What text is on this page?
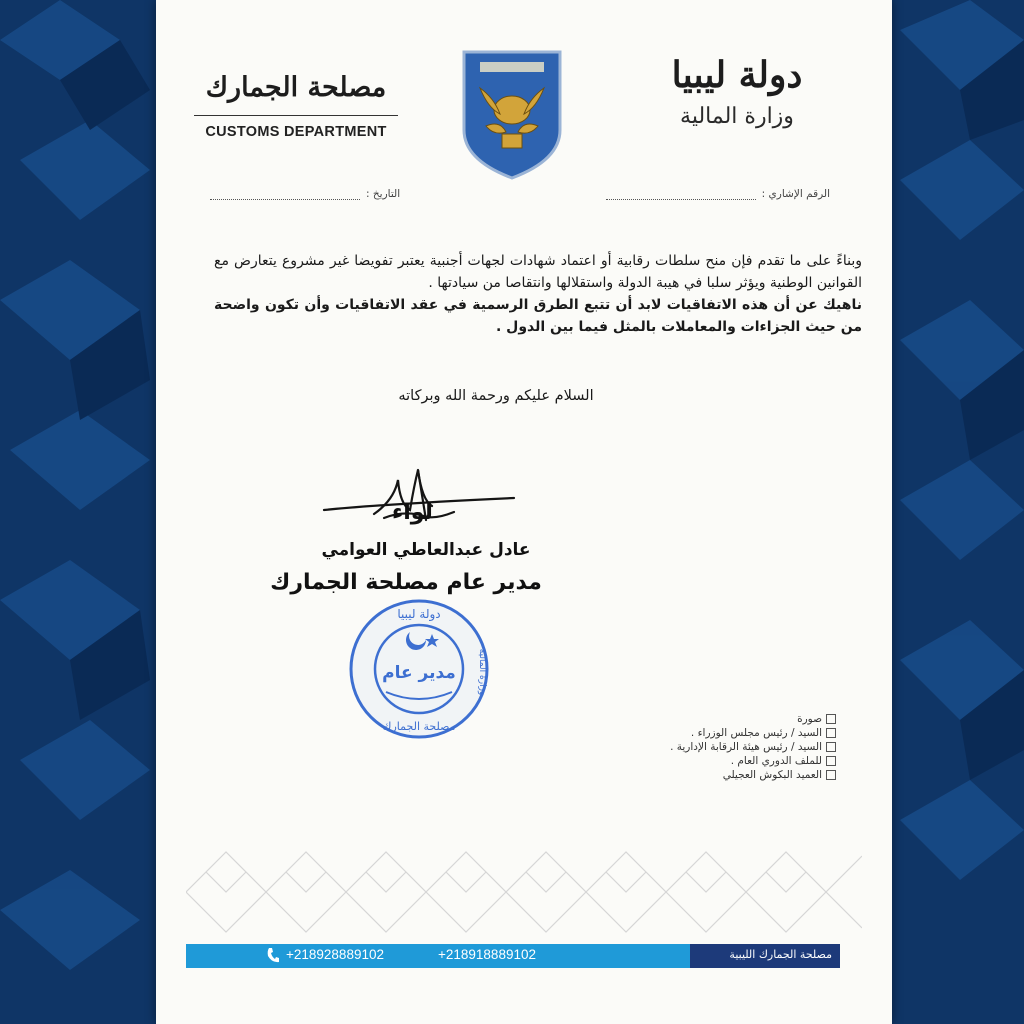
دولة ليبيا
وزارة المالية
مصلحة الجمارك
CUSTOMS DEPARTMENT
الرقم الإشاري :
التاريخ :

وبناءً على ما تقدم فإن منح سلطات رقابية أو اعتماد شهادات لجهات أجنبية يعتبر تفويضا غير مشروع يتعارض مع القوانين الوطنية ويؤثر سلبا في هيبة الدولة واستقلالها وانتقاصا من سيادتها .

ناهيك عن أن هذه الاتفاقيات لابد أن تتبع الطرق الرسمية في عقد الاتفاقيات وأن تكون واضحة من حيث الجزاءات والمعاملات بالمثل فيما بين الدول .

السلام عليكم ورحمة الله وبركاته
لواء
عادل عبدالعاطي العوامي
مدير عام مصلحة الجمارك
مدير عام
دولة ليبيا
مصلحة الجمارك
وزارة المالية
صورة
السيد / رئيس مجلس الوزراء .
السيد / رئيس هيئة الرقابة الإدارية .
للملف الدوري العام .
العميد البكوش العجيلي
+218928889102	+218918889102	مصلحة الجمارك الليبية
